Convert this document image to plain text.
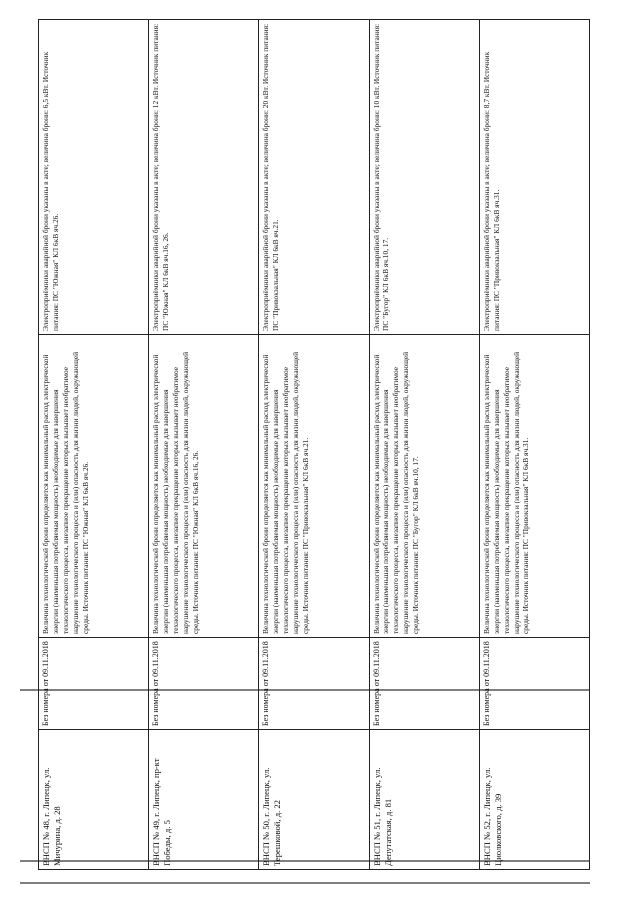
ВНСП № 48, г. Липецк, ул. Мичурина, д. 28	Без номера от 09.11.2018	Величина технологической брони определяется как минимальный расход электрической энергии (наименьшая потребляемая мощность) необходимые для завершения технологического процесса, внезапное прекращение которых вызывает необратимое нарушение технологического процесса и (или) опасность для жизни людей, окружающей среды. Источник питания: ПС "Южная" КЛ 6кВ яч.26.	Электроприёмники аварийной брони указаны в акте; величина брони: 6,5 кВт. Источник питания: ПС "Южная" КЛ 6кВ яч.26.
ВНСП № 49, г. Липецк, пр-кт Победы, д. 5	Без номера от 09.11.2018	Величина технологической брони определяется как минимальный расход электрической энергии (наименьшая потребляемая мощность) необходимые для завершения технологического процесса, внезапное прекращение которых вызывает необратимое нарушение технологического процесса и (или) опасность для жизни людей, окружающей среды. Источник питания: ПС "Южная" КЛ 6кВ яч.16, 26.	Электроприёмники аварийной брони указаны в акте; величина брони: 12 кВт. Источник питания: ПС "Южная" КЛ 6кВ яч.16, 26.
ВНСП № 50, г. Липецк, ул. Терешковой, д. 22	Без номера от 09.11.2018	Величина технологической брони определяется как минимальный расход электрической энергии (наименьшая потребляемая мощность) необходимые для завершения технологического процесса, внезапное прекращение которых вызывает необратимое нарушение технологического процесса и (или) опасность для жизни людей, окружающей среды. Источник питания: ПС "Привокзальная" КЛ 6кВ яч.21.	Электроприёмники аварийной брони указаны в акте; величина брони: 20 кВт. Источник питания: ПС "Привокзальная" КЛ 6кВ яч.21.
ВНСП № 51, г. Липецк, ул. Депутатская, д. 81	Без номера от 09.11.2018	Величина технологической брони определяется как минимальный расход электрической энергии (наименьшая потребляемая мощность) необходимые для завершения технологического процесса, внезапное прекращение которых вызывает необратимое нарушение технологического процесса и (или) опасность для жизни людей, окружающей среды. Источник питания: ПС "Бугор" КЛ 6кВ яч.10, 17.	Электроприёмники аварийной брони указаны в акте; величина брони: 10 кВт. Источник питания: ПС "Бугор" КЛ 6кВ яч.10, 17.
ВНСП № 52, г. Липецк, ул. Циолковского, д. 39	Без номера от 09.11.2018	Величина технологической брони определяется как минимальный расход электрической энергии (наименьшая потребляемая мощность) необходимые для завершения технологического процесса, внезапное прекращение которых вызывает необратимое нарушение технологического процесса и (или) опасность для жизни людей, окружающей среды. Источник питания: ПС "Привокзальная" КЛ 6кВ яч.31.	Электроприёмники аварийной брони указаны в акте; величина брони: 8,7 кВт. Источник питания: ПС "Привокзальная" КЛ 6кВ яч.31.
